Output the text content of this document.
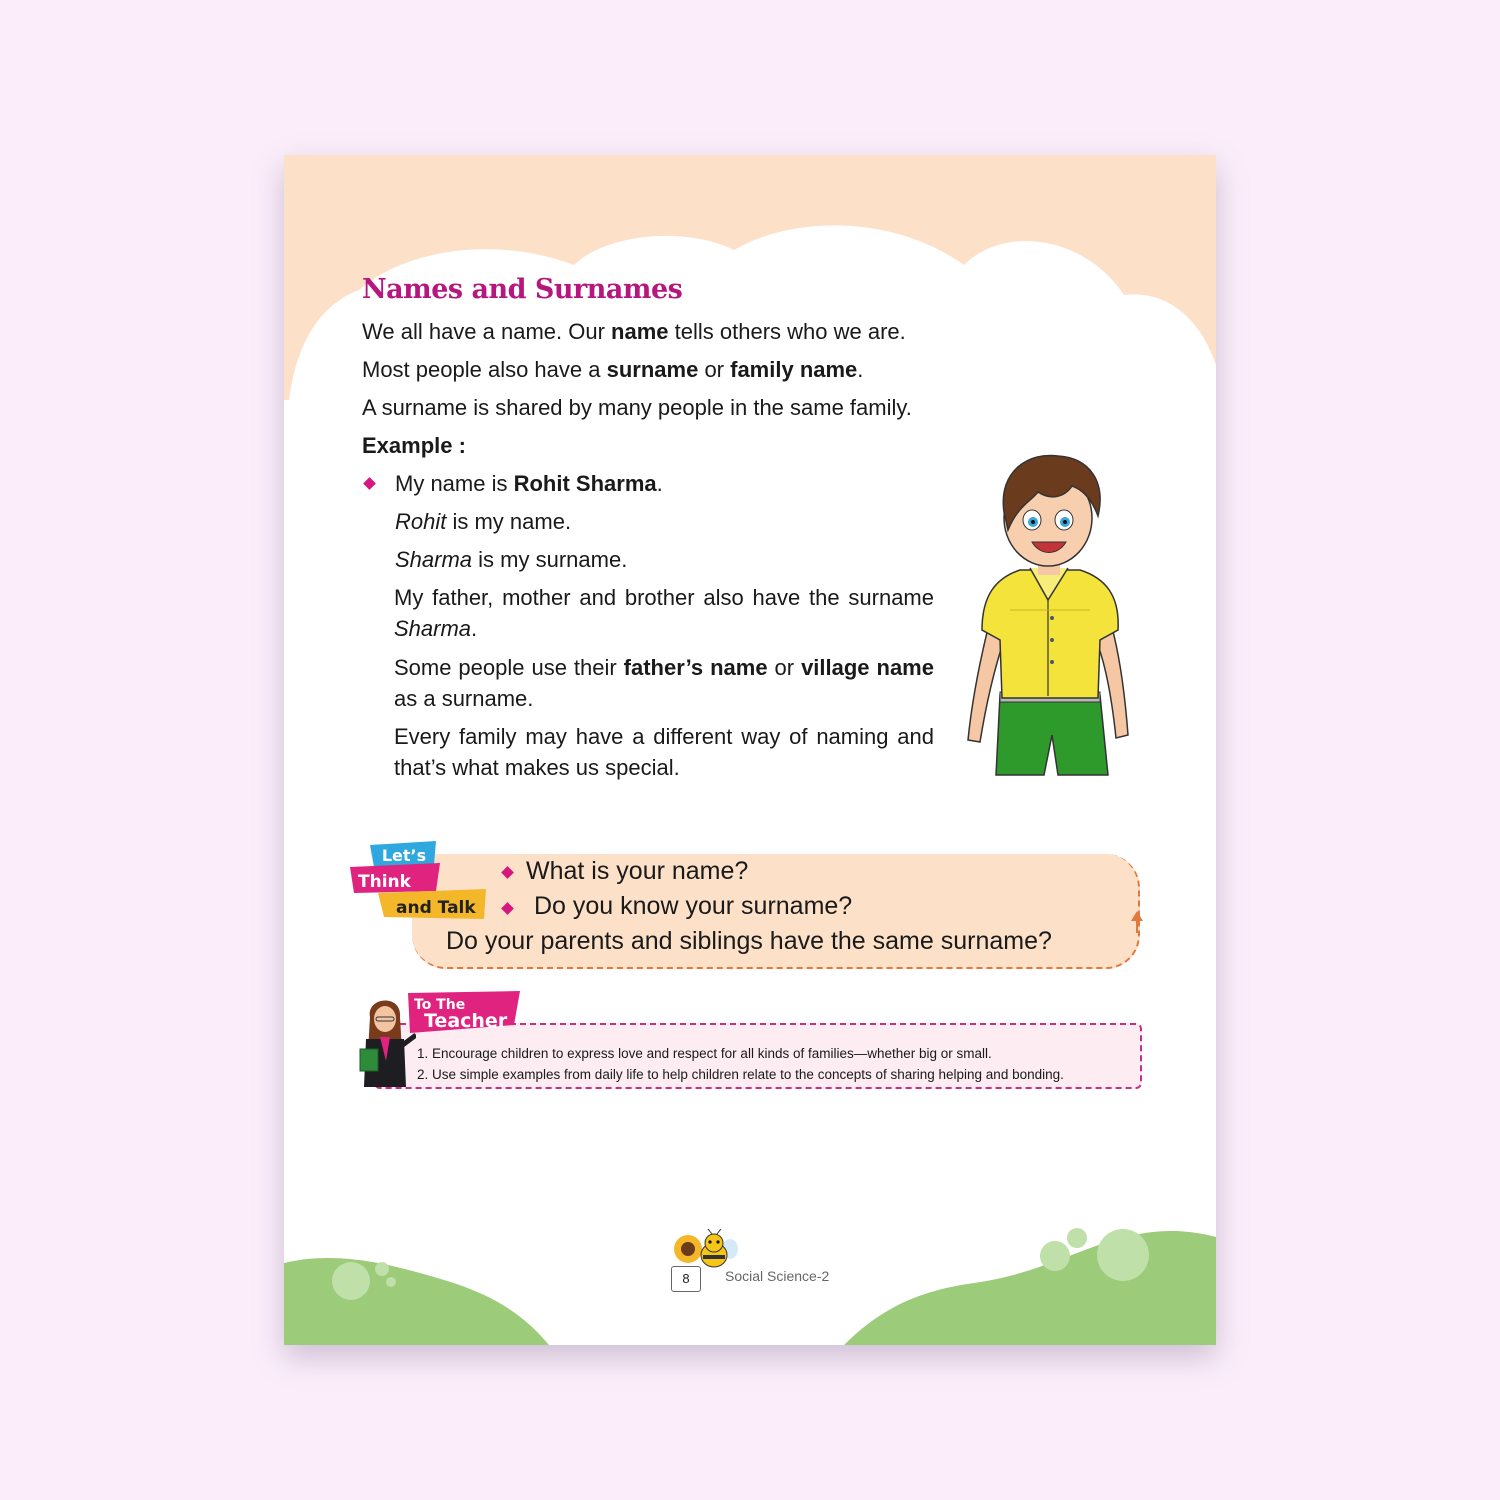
Names and Surnames
We all have a name. Our name tells others who we are.
Most people also have a surname or family name.
A surname is shared by many people in the same family.
Example :
My name is Rohit Sharma.
Rohit is my name.
Sharma is my surname.
My father, mother and brother also have the surname Sharma.
Some people use their father’s name or village name as a surname.
Every family may have a different way of naming and that’s what makes us special.
Let’s
Think
and Talk
What is your name?
Do you know your surname?
Do your parents and siblings have the same surname?
To The
Teacher
1. Encourage children to express love and respect for all kinds of families—whether big or small.
2. Use simple examples from daily life to help children relate to the concepts of sharing helping and bonding.
8	Social Science-2
